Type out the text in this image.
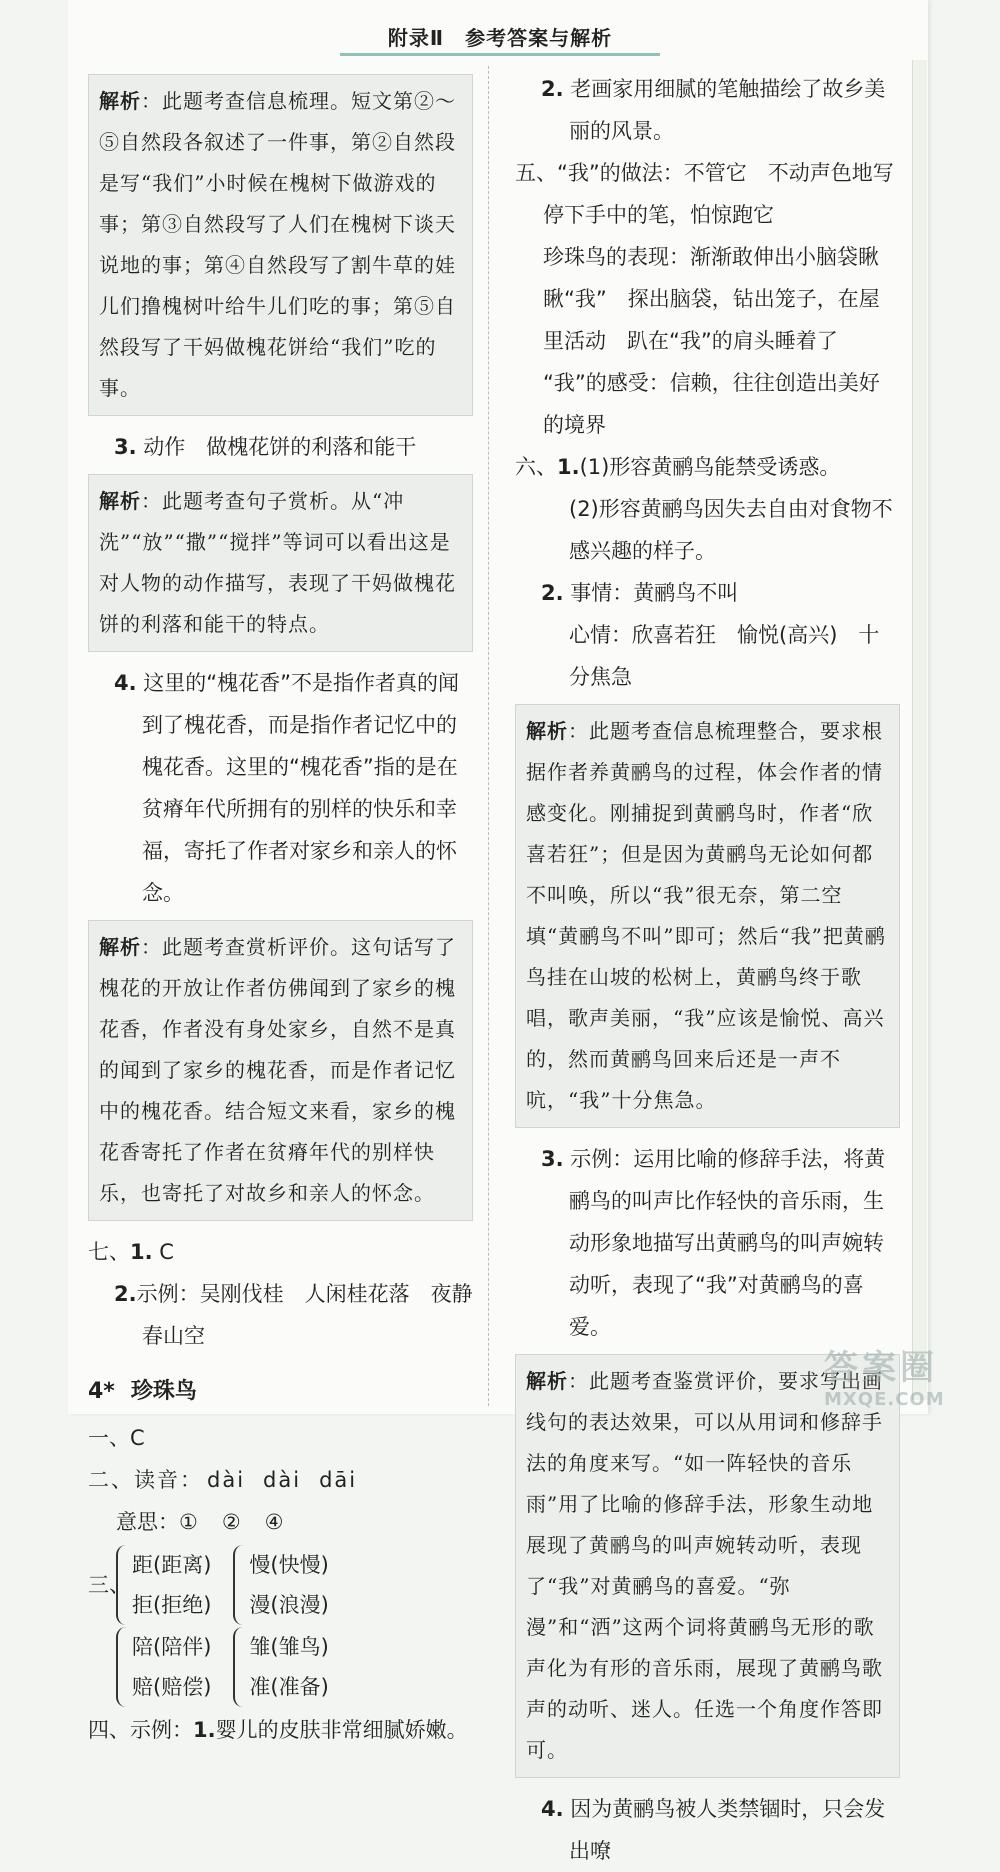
附录Ⅱ　参考答案与解析
解析：此题考查信息梳理。短文第②～⑤自然段各叙述了一件事，第②自然段是写“我们”小时候在槐树下做游戏的事；第③自然段写了人们在槐树下谈天说地的事；第④自然段写了割牛草的娃儿们撸槐树叶给牛儿们吃的事；第⑤自然段写了干妈做槐花饼给“我们”吃的事。

3. 动作　做槐花饼的利落和能干

解析：此题考查句子赏析。从“冲洗”“放”“撒”“搅拌”等词可以看出这是对人物的动作描写，表现了干妈做槐花饼的利落和能干的特点。

4. 这里的“槐花香”不是指作者真的闻到了槐花香，而是指作者记忆中的槐花香。这里的“槐花香”指的是在贫瘠年代所拥有的别样的快乐和幸福，寄托了作者对家乡和亲人的怀念。

解析：此题考查赏析评价。这句话写了槐花的开放让作者仿佛闻到了家乡的槐花香，作者没有身处家乡，自然不是真的闻到了家乡的槐花香，而是作者记忆中的槐花香。结合短文来看，家乡的槐花香寄托了作者在贫瘠年代的别样快乐，也寄托了对故乡和亲人的怀念。

七、1. C

2.示例：吴刚伐桂　人闲桂花落　夜静春山空

4* 珍珠鸟

一、C

二、读音： dài dài dāi

意思：① ② ④

三、
距(距离)
拒(拒绝)
慢(快慢)
漫(浪漫)
陪(陪伴)
赔(赔偿)
雏(雏鸟)
准(准备)

四、示例：1.婴儿的皮肤非常细腻娇嫩。

2. 老画家用细腻的笔触描绘了故乡美丽的风景。

五、“我”的做法：不管它　不动声色地写　停下手中的笔，怕惊跑它

珍珠鸟的表现：渐渐敢伸出小脑袋瞅瞅“我”　探出脑袋，钻出笼子，在屋里活动　趴在“我”的肩头睡着了

“我”的感受：信赖，往往创造出美好的境界

六、1.(1)形容黄鹂鸟能禁受诱惑。

(2)形容黄鹂鸟因失去自由对食物不感兴趣的样子。

2. 事情：黄鹂鸟不叫

心情：欣喜若狂　愉悦(高兴)　十分焦急

解析：此题考查信息梳理整合，要求根据作者养黄鹂鸟的过程，体会作者的情感变化。刚捕捉到黄鹂鸟时，作者“欣喜若狂”；但是因为黄鹂鸟无论如何都不叫唤，所以“我”很无奈，第二空填“黄鹂鸟不叫”即可；然后“我”把黄鹂鸟挂在山坡的松树上，黄鹂鸟终于歌唱，歌声美丽，“我”应该是愉悦、高兴的，然而黄鹂鸟回来后还是一声不吭，“我”十分焦急。

3. 示例：运用比喻的修辞手法，将黄鹂鸟的叫声比作轻快的音乐雨，生动形象地描写出黄鹂鸟的叫声婉转动听，表现了“我”对黄鹂鸟的喜爱。

解析：此题考查鉴赏评价，要求写出画线句的表达效果，可以从用词和修辞手法的角度来写。“如一阵轻快的音乐雨”用了比喻的修辞手法，形象生动地展现了黄鹂鸟的叫声婉转动听，表现了“我”对黄鹂鸟的喜爱。“弥漫”和“洒”这两个词将黄鹂鸟无形的歌声化为有形的音乐雨，展现了黄鹂鸟歌声的动听、迷人。任选一个角度作答即可。

4. 因为黄鹂鸟被人类禁锢时，只会发出嘹

答案圈
MXQE.COM
